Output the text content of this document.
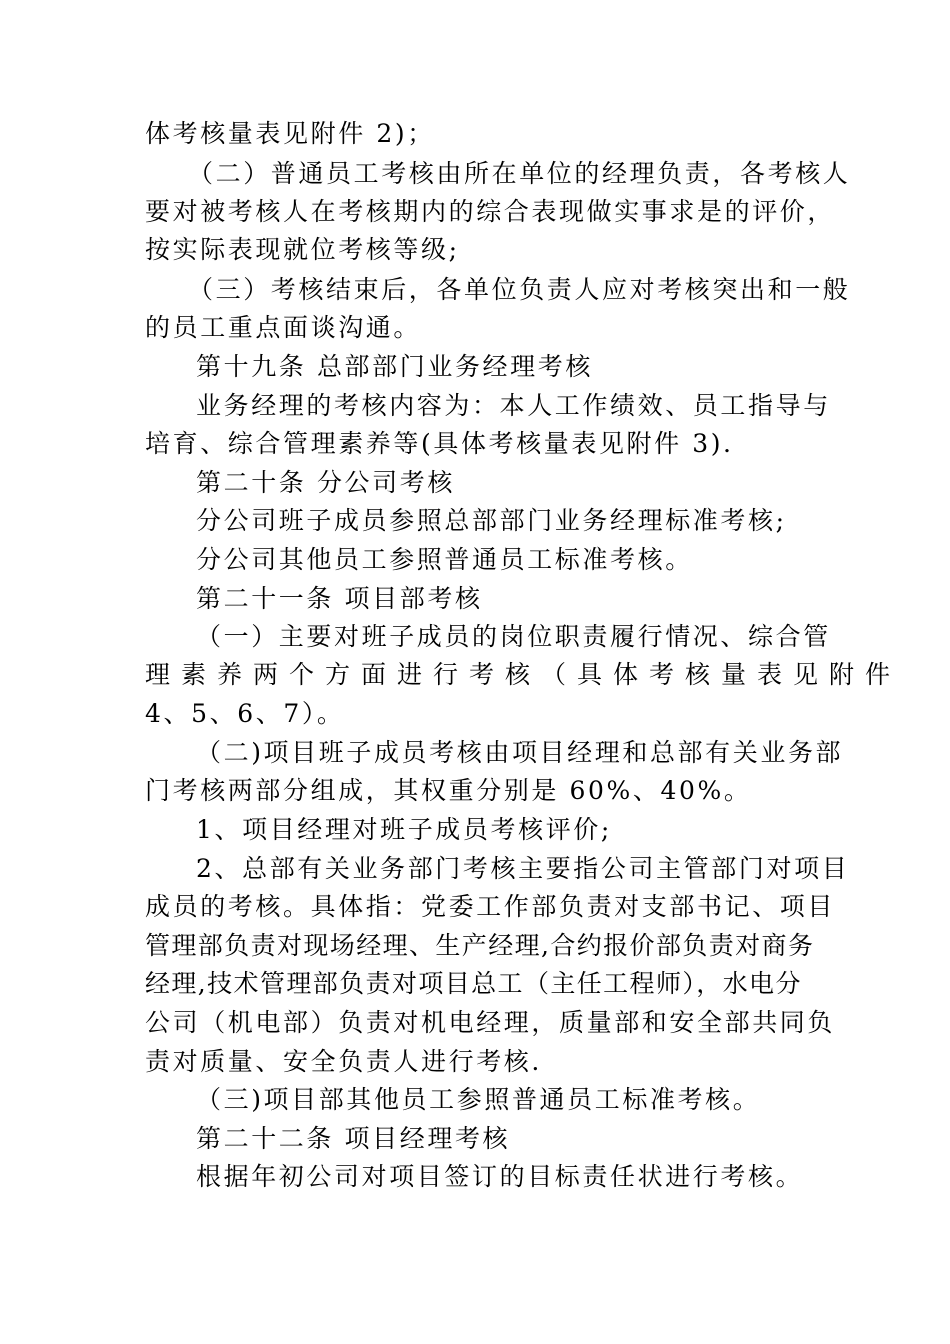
体考核量表见附件 2)；
（二）普通员工考核由所在单位的经理负责，各考核人
要对被考核人在考核期内的综合表现做实事求是的评价，
按实际表现就位考核等级;
（三）考核结束后，各单位负责人应对考核突出和一般
的员工重点面谈沟通。
第十九条 总部部门业务经理考核
业务经理的考核内容为：本人工作绩效、员工指导与
培育、综合管理素养等(具体考核量表见附件 3)．
第二十条 分公司考核
分公司班子成员参照总部部门业务经理标准考核;
分公司其他员工参照普通员工标准考核。
第二十一条 项目部考核
（一）主要对班子成员的岗位职责履行情况、综合管
理素养两个方面进行考核（具体考核量表见附件
4、5、6、7）。
（二)项目班子成员考核由项目经理和总部有关业务部
门考核两部分组成，其权重分别是 60%、40%。
1、项目经理对班子成员考核评价;
2、总部有关业务部门考核主要指公司主管部门对项目
成员的考核。具体指：党委工作部负责对支部书记、项目
管理部负责对现场经理、生产经理,合约报价部负责对商务
经理,技术管理部负责对项目总工（主任工程师），水电分
公司（机电部）负责对机电经理，质量部和安全部共同负
责对质量、安全负责人进行考核.
（三)项目部其他员工参照普通员工标准考核。
第二十二条 项目经理考核
根据年初公司对项目签订的目标责任状进行考核。
